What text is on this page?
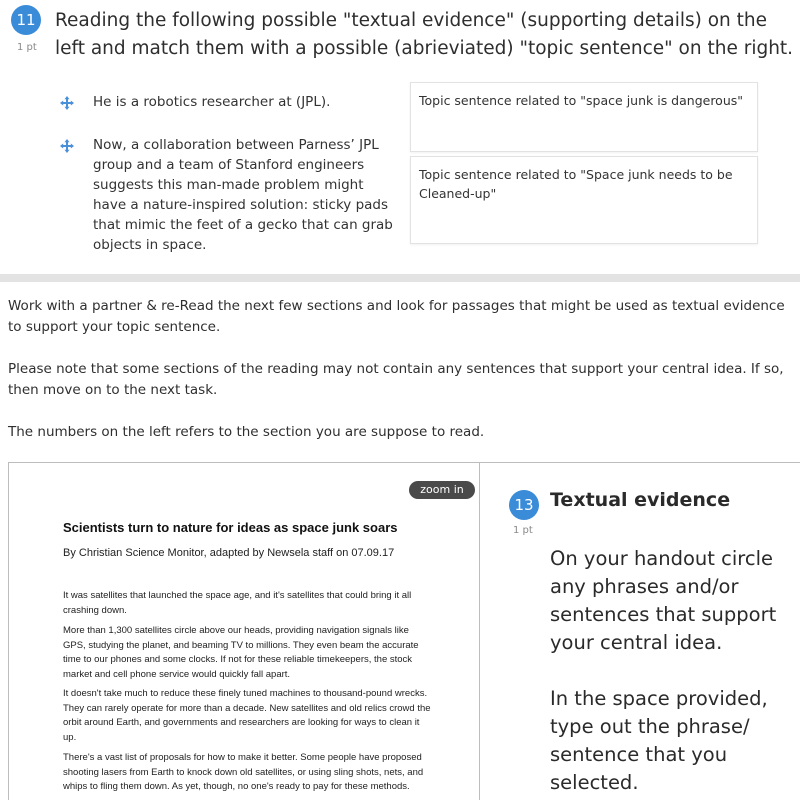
11
1 pt
Reading the following possible "textual evidence" (supporting details) on the left and match them with a possible (abrieviated) "topic sentence" on the right.
He is a robotics researcher at (JPL).
Now, a collaboration between Parness’ JPL group and a team of Stanford engineers suggests this man-made problem might have a nature-inspired solution: sticky pads that mimic the feet of a gecko that can grab objects in space.
Topic sentence related to "space junk is dangerous"
Topic sentence related to "Space junk needs to be Cleaned-up"

Work with a partner & re-Read the next few sections and look for passages that might be used as textual evidence to support your topic sentence.

Please note that some sections of the reading may not contain any sentences that support your central idea. If so, then move on to the next task.

The numbers on the left refers to the section you are suppose to read.

zoom in
Scientists turn to nature for ideas as space junk soars
By Christian Science Monitor, adapted by Newsela staff on 07.09.17
It was satellites that launched the space age, and it's satellites that could bring it all crashing down.
More than 1,300 satellites circle above our heads, providing navigation signals like GPS, studying the planet, and beaming TV to millions. They even beam the accurate time to our phones and some clocks. If not for these reliable timekeepers, the stock market and cell phone service would quickly fall apart.
It doesn't take much to reduce these finely tuned machines to thousand-pound wrecks. They can rarely operate for more than a decade. New satellites and old relics crowd the orbit around Earth, and governments and researchers are looking for ways to clean it up.
There's a vast list of proposals for how to make it better. Some people have proposed shooting lasers from Earth to knock down old satellites, or using sling shots, nets, and whips to fling them down. As yet, though, no one's ready to pay for these methods.
13 Textual evidence
1 pt

On your handout circle any phrases and/or sentences that support your central idea.

In the space provided, type out the phrase/ sentence that you selected.
